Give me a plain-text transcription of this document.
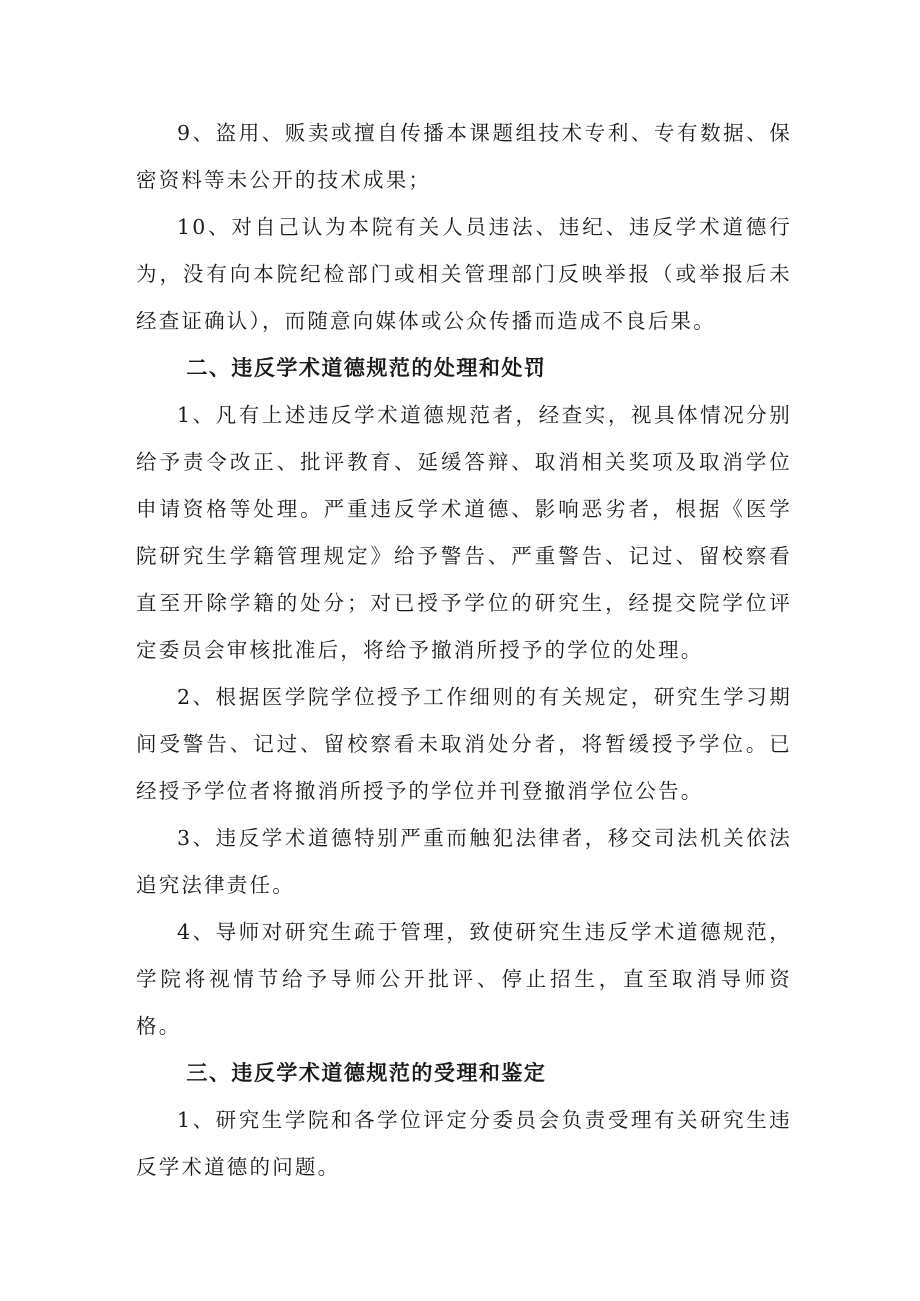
9、盗用、贩卖或擅自传播本课题组技术专利、专有数据、保密资料等未公开的技术成果；

10、对自己认为本院有关人员违法、违纪、违反学术道德行为，没有向本院纪检部门或相关管理部门反映举报（或举报后未经查证确认），而随意向媒体或公众传播而造成不良后果。

二、违反学术道德规范的处理和处罚

1、凡有上述违反学术道德规范者，经查实，视具体情况分别给予责令改正、批评教育、延缓答辩、取消相关奖项及取消学位申请资格等处理。严重违反学术道德、影响恶劣者，根据《医学院研究生学籍管理规定》给予警告、严重警告、记过、留校察看直至开除学籍的处分；对已授予学位的研究生，经提交院学位评定委员会审核批准后，将给予撤消所授予的学位的处理。

2、根据医学院学位授予工作细则的有关规定，研究生学习期间受警告、记过、留校察看未取消处分者，将暂缓授予学位。已经授予学位者将撤消所授予的学位并刊登撤消学位公告。

3、违反学术道德特别严重而触犯法律者，移交司法机关依法追究法律责任。

4、导师对研究生疏于管理，致使研究生违反学术道德规范，学院将视情节给予导师公开批评、停止招生，直至取消导师资格。

三、违反学术道德规范的受理和鉴定

1、研究生学院和各学位评定分委员会负责受理有关研究生违反学术道德的问题。
